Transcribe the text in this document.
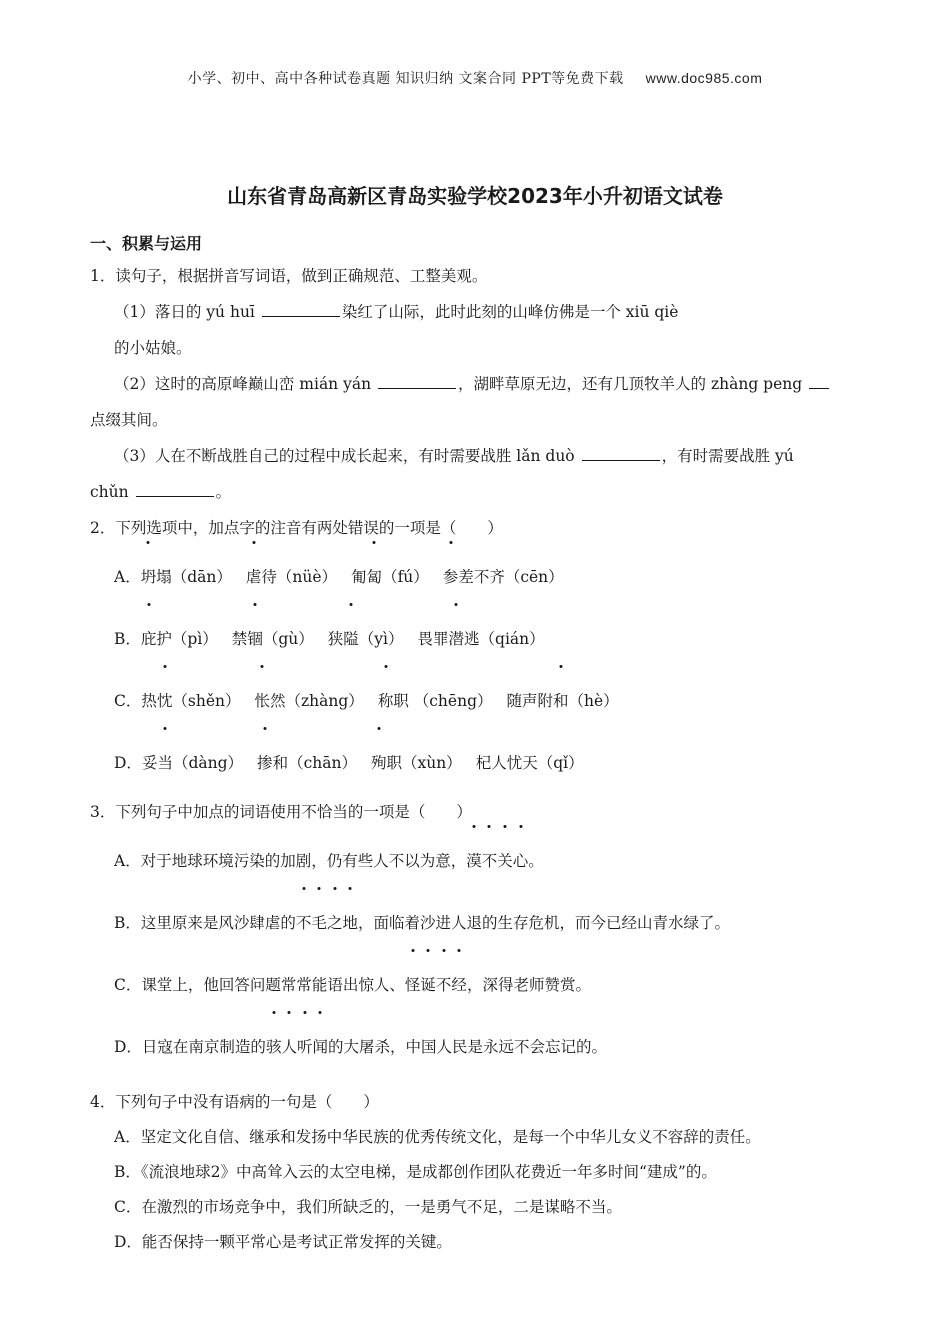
小学、初中、高中各种试卷真题 知识归纳 文案合同 PPT等免费下载 www.doc985.com
山东省青岛高新区青岛实验学校2023年小升初语文试卷
一、积累与运用
1．读句子，根据拼音写词语，做到正确规范、工整美观。
（1）落日的 yú huī	染红了山际，此时此刻的山峰仿佛是一个 xiū qiè
的小姑娘。
（2）这时的高原峰巅山峦 mián yán	，湖畔草原无边，还有几顶牧羊人的 zhàng peng
点缀其间。
（3）人在不断战胜自己的过程中成长起来，有时需要战胜 lǎn duò	，有时需要战胜 yú
chǔn	。
2．下列选项中，加点字的注音有两处错误的一项是（　　）
A．坍塌（dān） 虐待（nüè） 匍匐（fú） 参差不齐（cēn）
B．庇护（pì） 禁锢（gù） 狭隘（yì） 畏罪潜逃（qián）
C．热忱（shěn） 怅然（zhàng） 称职 （chēng） 随声附和（hè）
D．妥当（dàng） 掺和（chān） 殉职（xùn） 杞人忧天（qǐ）
3．下列句子中加点的词语使用不恰当的一项是（　　）
A．对于地球环境污染的加剧，仍有些人不以为意，漠不关心。
B．这里原来是风沙肆虐的不毛之地，面临着沙进人退的生存危机，而今已经山青水绿了。
C．课堂上，他回答问题常常能语出惊人、怪诞不经，深得老师赞赏。
D．日寇在南京制造的骇人听闻的大屠杀，中国人民是永远不会忘记的。
4．下列句子中没有语病的一句是（　　）
A．坚定文化自信、继承和发扬中华民族的优秀传统文化，是每一个中华儿女义不容辞的责任。
B．《流浪地球2》中高耸入云的太空电梯，是成都创作团队花费近一年多时间“建成”的。
C．在激烈的市场竞争中，我们所缺乏的，一是勇气不足，二是谋略不当。
D．能否保持一颗平常心是考试正常发挥的关键。
